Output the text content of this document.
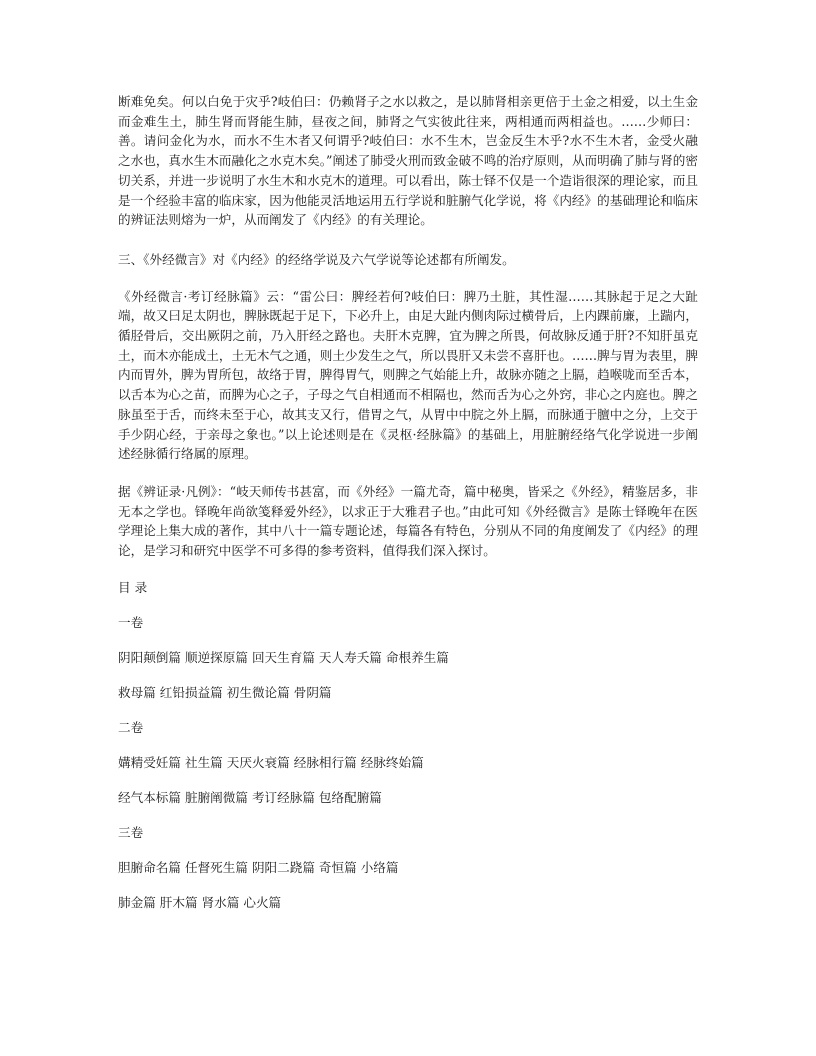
断难免矣。何以白免于灾乎?岐伯曰：仍赖肾子之水以救之，是以肺肾相亲更倍于土金之相爱，以土生金而金难生土，肺生肾而肾能生肺，昼夜之间，肺肾之气实彼此往来，两相通而两相益也。……少师曰：善。请问金化为水，而水不生木者又何谓乎?岐伯曰：水不生木，岂金反生木乎?水不生木者，金受火融之水也，真水生木而融化之水克木矣。”阐述了肺受火刑而致金破不鸣的治疗原则，从而明确了肺与肾的密切关系，并进一步说明了水生木和水克木的道理。可以看出，陈士铎不仅是一个造诣很深的理论家，而且是一个经验丰富的临床家，因为他能灵活地运用五行学说和脏腑气化学说，将《内经》的基础理论和临床的辨证法则熔为一炉，从而阐发了《内经》的有关理论。

三、《外经微言》对《内经》的经络学说及六气学说等论述都有所阐发。

《外经微言·考订经脉篇》云：“雷公曰：脾经若何?岐伯曰：脾乃土脏，其性湿……其脉起于足之大趾端，故又曰足太阴也，脾脉既起于足下，下必升上，由足大趾内侧肉际过横骨后，上内踝前廉，上踹内，循胫骨后，交出厥阴之前，乃入肝经之路也。夫肝木克脾，宜为脾之所畏，何故脉反通于肝?不知肝虽克土，而木亦能成土，土无木气之通，则土少发生之气，所以畏肝又未尝不喜肝也。……脾与胃为表里，脾内而胃外，脾为胃所包，故络于胃，脾得胃气，则脾之气始能上升，故脉亦随之上膈，趋喉咙而至舌本，以舌本为心之苗，而脾为心之子，子母之气自相通而不相隔也，然而舌为心之外窍，非心之内庭也。脾之脉虽至于舌，而终未至于心，故其支又行，借胃之气，从胃中中脘之外上膈，而脉通于膻中之分，上交于手少阴心经，于亲母之象也。”以上论述则是在《灵枢·经脉篇》的基础上，用脏腑经络气化学说进一步阐述经脉循行络属的原理。

据《辨证录·凡例》：“岐天师传书甚富，而《外经》一篇尤奇，篇中秘奥，皆采之《外经》，精鉴居多，非无本之学也。铎晚年尚欲笺释爱外经》，以求正于大雅君子也。”由此可知《外经微言》是陈士铎晚年在医学理论上集大成的著作，其中八十一篇专题论述，每篇各有特色，分别从不同的角度阐发了《内经》的理论，是学习和研究中医学不可多得的参考资料，值得我们深入探讨。

目 录

一卷

阴阳颠倒篇 顺逆探原篇 回天生育篇 天人寿夭篇 命根养生篇

救母篇 红铅损益篇 初生微论篇 骨阴篇

二卷

媾精受妊篇 社生篇 天厌火衰篇 经脉相行篇 经脉终始篇

经气本标篇 脏腑阐微篇 考订经脉篇 包络配腑篇

三卷

胆腑命名篇 任督死生篇 阴阳二跷篇 奇恒篇 小络篇

肺金篇 肝木篇 肾水篇 心火篇
